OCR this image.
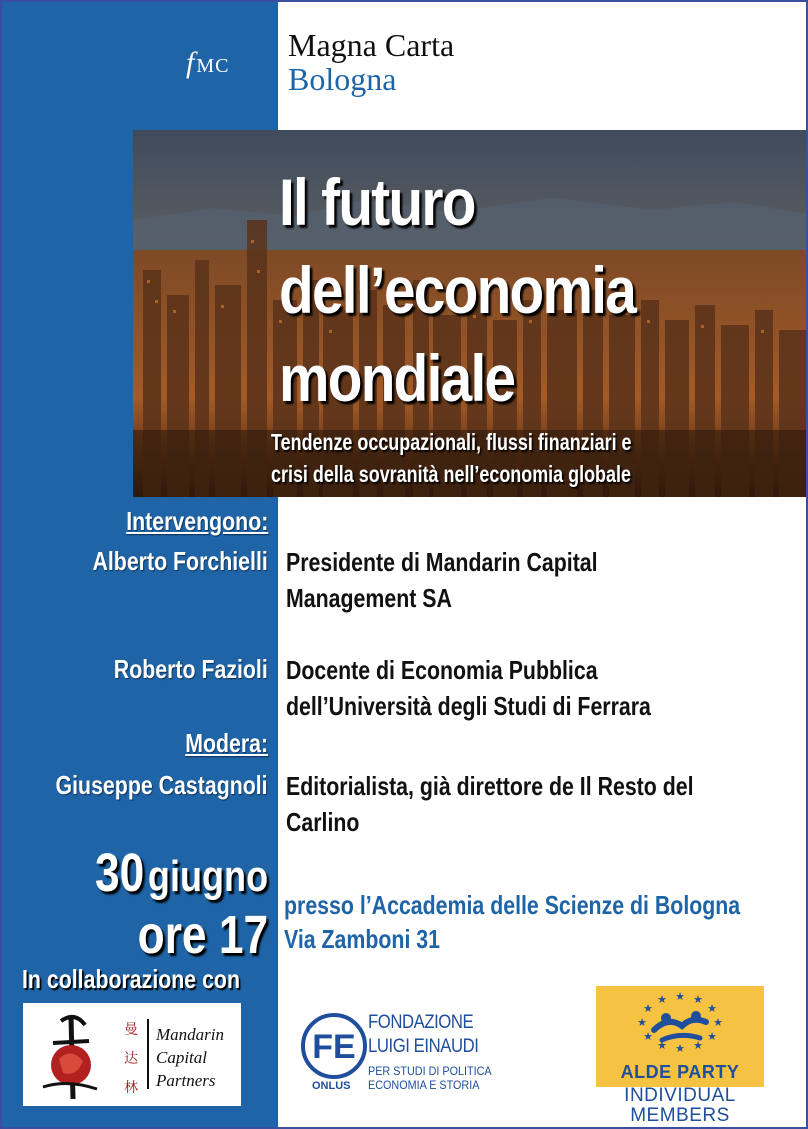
fMC
Magna Carta
Bologna
Il futuro
dell’economia
mondiale
Tendenze occupazionali, flussi finanziari e
crisi della sovranità nell’economia globale
Intervengono:
Alberto Forchielli Presidente di Mandarin Capital
Management SA
Roberto Fazioli Docente di Economia Pubblica
dell’Università degli Studi di Ferrara
Modera:
Giuseppe Castagnoli Editorialista, già direttore de Il Resto del
Carlino
30 giugno
ore 17 presso l’Accademia delle Scienze di Bologna
Via Zamboni 31
In collaborazione con
曼
达
林
Mandarin
Capital
Partners
FE
FONDAZIONE
LUIGI EINAUDI
PER STUDI DI POLITICA
ECONOMIA E STORIA
ONLUS
★ ★
★
★
★
★
★
★
★
★
★
★
ALDE PARTY
INDIVIDUAL
MEMBERS
